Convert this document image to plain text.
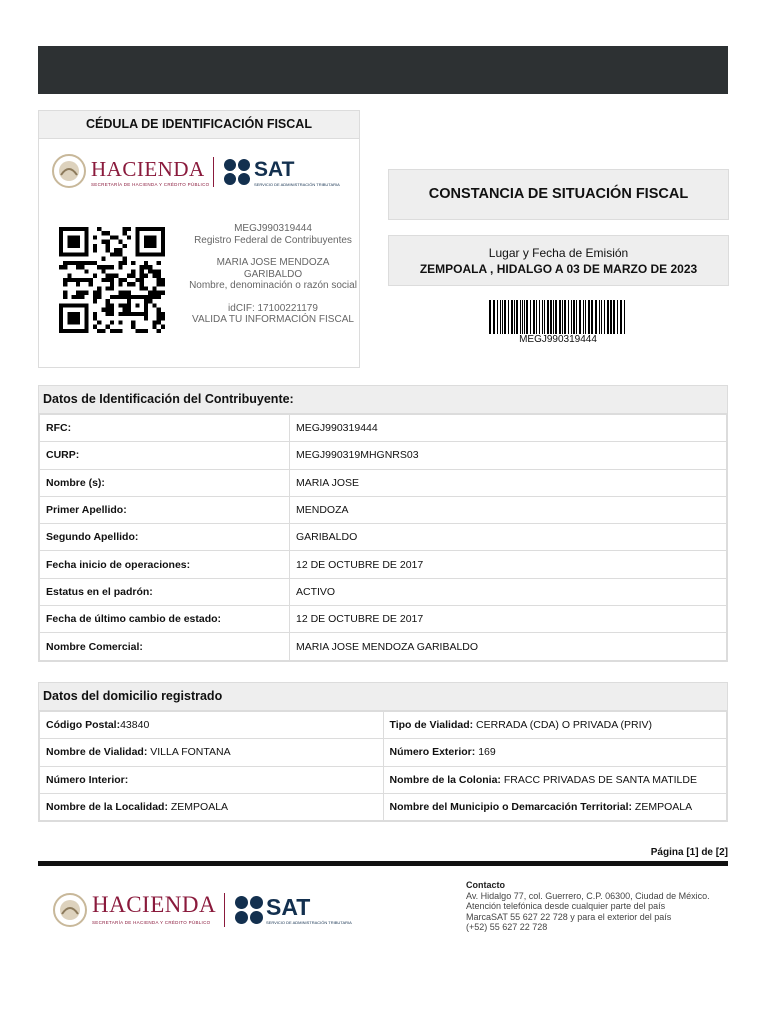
CÉDULA DE IDENTIFICACIÓN FISCAL
HACIENDA
SECRETARÍA DE HACIENDA Y CRÉDITO PÚBLICO
SAT
SERVICIO DE ADMINISTRACIÓN TRIBUTARIA
MEGJ990319444
Registro Federal de Contribuyentes
MARIA JOSE MENDOZA GARIBALDO
Nombre, denominación o razón social
idCIF: 17100221179
VALIDA TU INFORMACIÓN FISCAL
CONSTANCIA DE SITUACIÓN FISCAL
Lugar y Fecha de Emisión
ZEMPOALA , HIDALGO A 03 DE MARZO DE 2023
MEGJ990319444
Datos de Identificación del Contribuyente:
RFC:	MEGJ990319444
CURP:	MEGJ990319MHGNRS03
Nombre (s):	MARIA JOSE
Primer Apellido:	MENDOZA
Segundo Apellido:	GARIBALDO
Fecha inicio de operaciones:	12 DE OCTUBRE DE 2017
Estatus en el padrón:	ACTIVO
Fecha de último cambio de estado:	12 DE OCTUBRE DE 2017
Nombre Comercial:	MARIA JOSE MENDOZA GARIBALDO
Datos del domicilio registrado
Código Postal:43840	Tipo de Vialidad: CERRADA (CDA) O PRIVADA (PRIV)
Nombre de Vialidad: VILLA FONTANA	Número Exterior: 169
Número Interior:	Nombre de la Colonia: FRACC PRIVADAS DE SANTA MATILDE
Nombre de la Localidad: ZEMPOALA	Nombre del Municipio o Demarcación Territorial: ZEMPOALA
Página [1] de [2]
HACIENDA
SECRETARÍA DE HACIENDA Y CRÉDITO PÚBLICO
SAT
SERVICIO DE ADMINISTRACIÓN TRIBUTARIA
Contacto
Av. Hidalgo 77, col. Guerrero, C.P. 06300, Ciudad de México.
Atención telefónica desde cualquier parte del país
MarcaSAT 55 627 22 728 y para el exterior del país
(+52) 55 627 22 728
